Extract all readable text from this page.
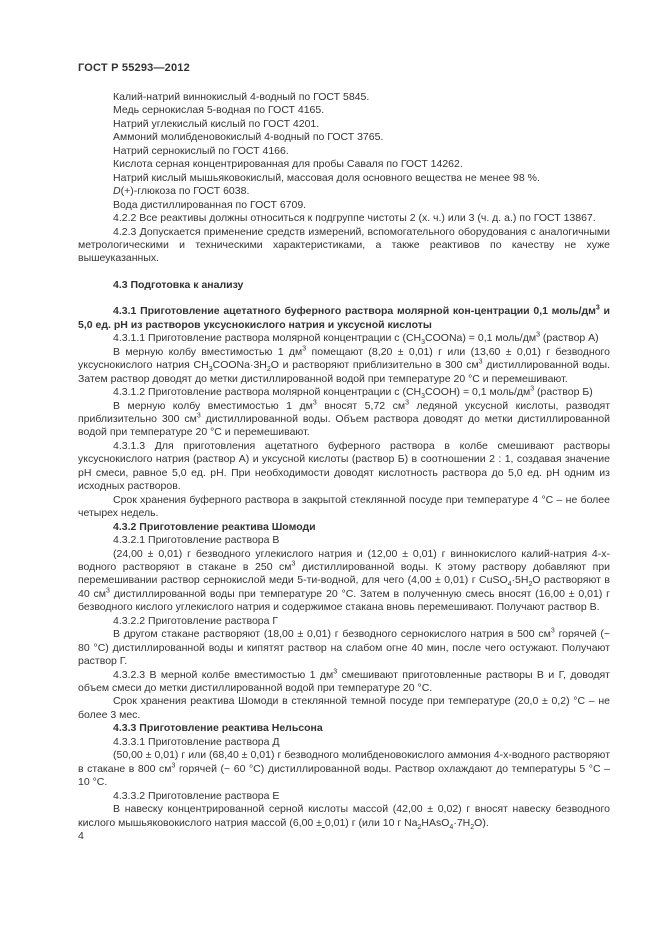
ГОСТ Р 55293—2012

Калий-натрий виннокислый 4-водный по ГОСТ 5845.

Медь сернокислая 5-водная по ГОСТ 4165.

Натрий углекислый кислый по ГОСТ 4201.

Аммоний молибденовокислый 4-водный по ГОСТ 3765.

Натрий сернокислый по ГОСТ 4166.

Кислота серная концентрированная для пробы Саваля по ГОСТ 14262.

Натрий кислый мышьяковокислый, массовая доля основного вещества не менее 98 %.

D(+)-глюкоза по ГОСТ 6038.

Вода дистиллированная по ГОСТ 6709.

4.2.2 Все реактивы должны относиться к подгруппе чистоты 2 (х. ч.) или 3 (ч. д. а.) по ГОСТ 13867.

4.2.3 Допускается применение средств измерений, вспомогательного оборудования с аналогичными метрологическими и техническими характеристиками, а также реактивов по качеству не хуже вышеуказанных.

4.3 Подготовка к анализу

4.3.1 Приготовление ацетатного буферного раствора молярной кон-центрации 0,1 моль/$дм^3$ и 5,0 ед. рН из растворов уксуснокислого натрия и уксусной кислоты

4.3.1.1 Приготовление раствора молярной концентрации с $(CH_3COONa) = 0,1$ моль/$дм^3$ (раствор А)

В мерную колбу вместимостью 1 $дм^3$ помещают (8,20 ± 0,01) г или (13,60 ± 0,01) г безводного уксуснокислого натрия $CH_3COONa\cdot 3H_2O$ и растворяют приблизительно в 300 $см^3$ дистиллированной воды. Затем раствор доводят до метки дистиллированной водой при температуре 20 °С и перемешивают.

4.3.1.2 Приготовление раствора молярной концентрации с $(CH_3COOH) = 0,1$ моль/$дм^3$ (раствор Б)

В мерную колбу вместимостью 1 $дм^3$ вносят 5,72 $см^3$ ледяной уксусной кислоты, разводят приблизительно 300 $см^3$ дистиллированной воды. Объем раствора доводят до метки дистиллированной водой при температуре 20 °С и перемешивают.

4.3.1.3 Для приготовления ацетатного буферного раствора в колбе смешивают растворы уксуснокислого натрия (раствор А) и уксусной кислоты (раствор Б) в соотношении 2 : 1, создавая значение рН смеси, равное 5,0 ед. рН. При необходимости доводят кислотность раствора до 5,0 ед. рН одним из исходных растворов.

Срок хранения буферного раствора в закрытой стеклянной посуде при температуре 4 °С – не более четырех недель.

4.3.2 Приготовление реактива Шомоди

4.3.2.1 Приготовление раствора В

(24,00 ± 0,01) г безводного углекислого натрия и (12,00 ± 0,01) г виннокислого калий-натрия 4-х-водного растворяют в стакане в 250 $см^3$ дистиллированной воды. К этому раствору добавляют при перемешивании раствор сернокислой меди 5-ти-водной, для чего (4,00 ± 0,01) г $CuSO_4\cdot 5H_2O$ растворяют в 40 $см^3$ дистиллированной воды при температуре 20 °С. Затем в полученную смесь вносят (16,00 ± 0,01) г безводного кислого углекислого натрия и содержимое стакана вновь перемешивают. Получают раствор В.

4.3.2.2 Приготовление раствора Г

В другом стакане растворяют (18,00 ± 0,01) г безводного сернокислого натрия в 500 $см^3$ горячей (~ 80 °С) дистиллированной воды и кипятят раствор на слабом огне 40 мин, после чего остужают. Получают раствор Г.

4.3.2.3 В мерной колбе вместимостью 1 $дм^3$ смешивают приготовленные растворы В и Г, доводят объем смеси до метки дистиллированной водой при температуре 20 °С.

Срок хранения реактива Шомоди в стеклянной темной посуде при температуре (20,0 ± 0,2) °С – не более 3 мес.

4.3.3 Приготовление реактива Нельсона

4.3.3.1 Приготовление раствора Д

(50,00 ± 0,01) г или (68,40 ± 0,01) г безводного молибденовокислого аммония 4-х-водного растворяют в стакане в 800 $см^3$ горячей (~ 60 °С) дистиллированной воды. Раствор охлаждают до температуры 5 °С – 10 °С.

4.3.3.2 Приготовление раствора Е

В навеску концентрированной серной кислоты массой (42,00 ± 0,02) г вносят навеску безводного кислого мышьяковокислого натрия массой (6,00 ± 0,01) г (или 10 г $Na_2HAsO_4\cdot 7H_2O$).

4
